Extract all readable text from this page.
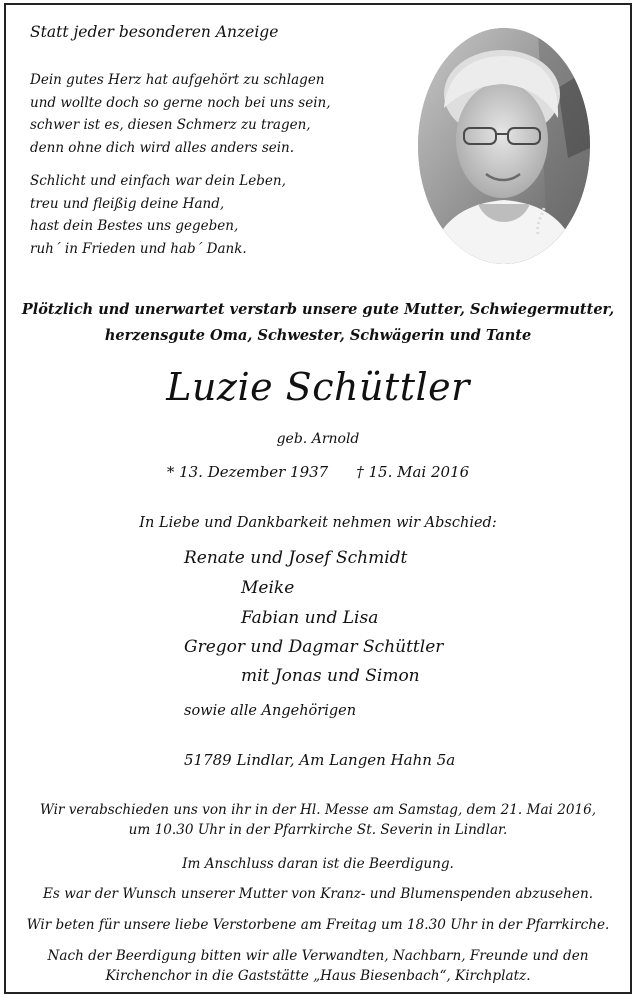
Statt jeder besonderen Anzeige
Dein gutes Herz hat aufgehört zu schlagen
und wollte doch so gerne noch bei uns sein,
schwer ist es, diesen Schmerz zu tragen,
denn ohne dich wird alles anders sein.
Schlicht und einfach war dein Leben,
treu und fleißig deine Hand,
hast dein Bestes uns gegeben,
ruh´ in Frieden und hab´ Dank.
Plötzlich und unerwartet verstarb unsere gute Mutter, Schwiegermutter,
herzensgute Oma, Schwester, Schwägerin und Tante
Luzie Schüttler
geb. Arnold
* 13. Dezember 1937 † 15. Mai 2016
In Liebe und Dankbarkeit nehmen wir Abschied:
Renate und Josef Schmidt
Meike
Fabian und Lisa
Gregor und Dagmar Schüttler
mit Jonas und Simon
sowie alle Angehörigen
51789 Lindlar, Am Langen Hahn 5a
Wir verabschieden uns von ihr in der Hl. Messe am Samstag, dem 21. Mai 2016,
um 10.30 Uhr in der Pfarrkirche St. Severin in Lindlar.
Im Anschluss daran ist die Beerdigung.
Es war der Wunsch unserer Mutter von Kranz- und Blumenspenden abzusehen.
Wir beten für unsere liebe Verstorbene am Freitag um 18.30 Uhr in der Pfarrkirche.
Nach der Beerdigung bitten wir alle Verwandten, Nachbarn, Freunde und den
Kirchenchor in die Gaststätte „Haus Biesenbach“, Kirchplatz.
